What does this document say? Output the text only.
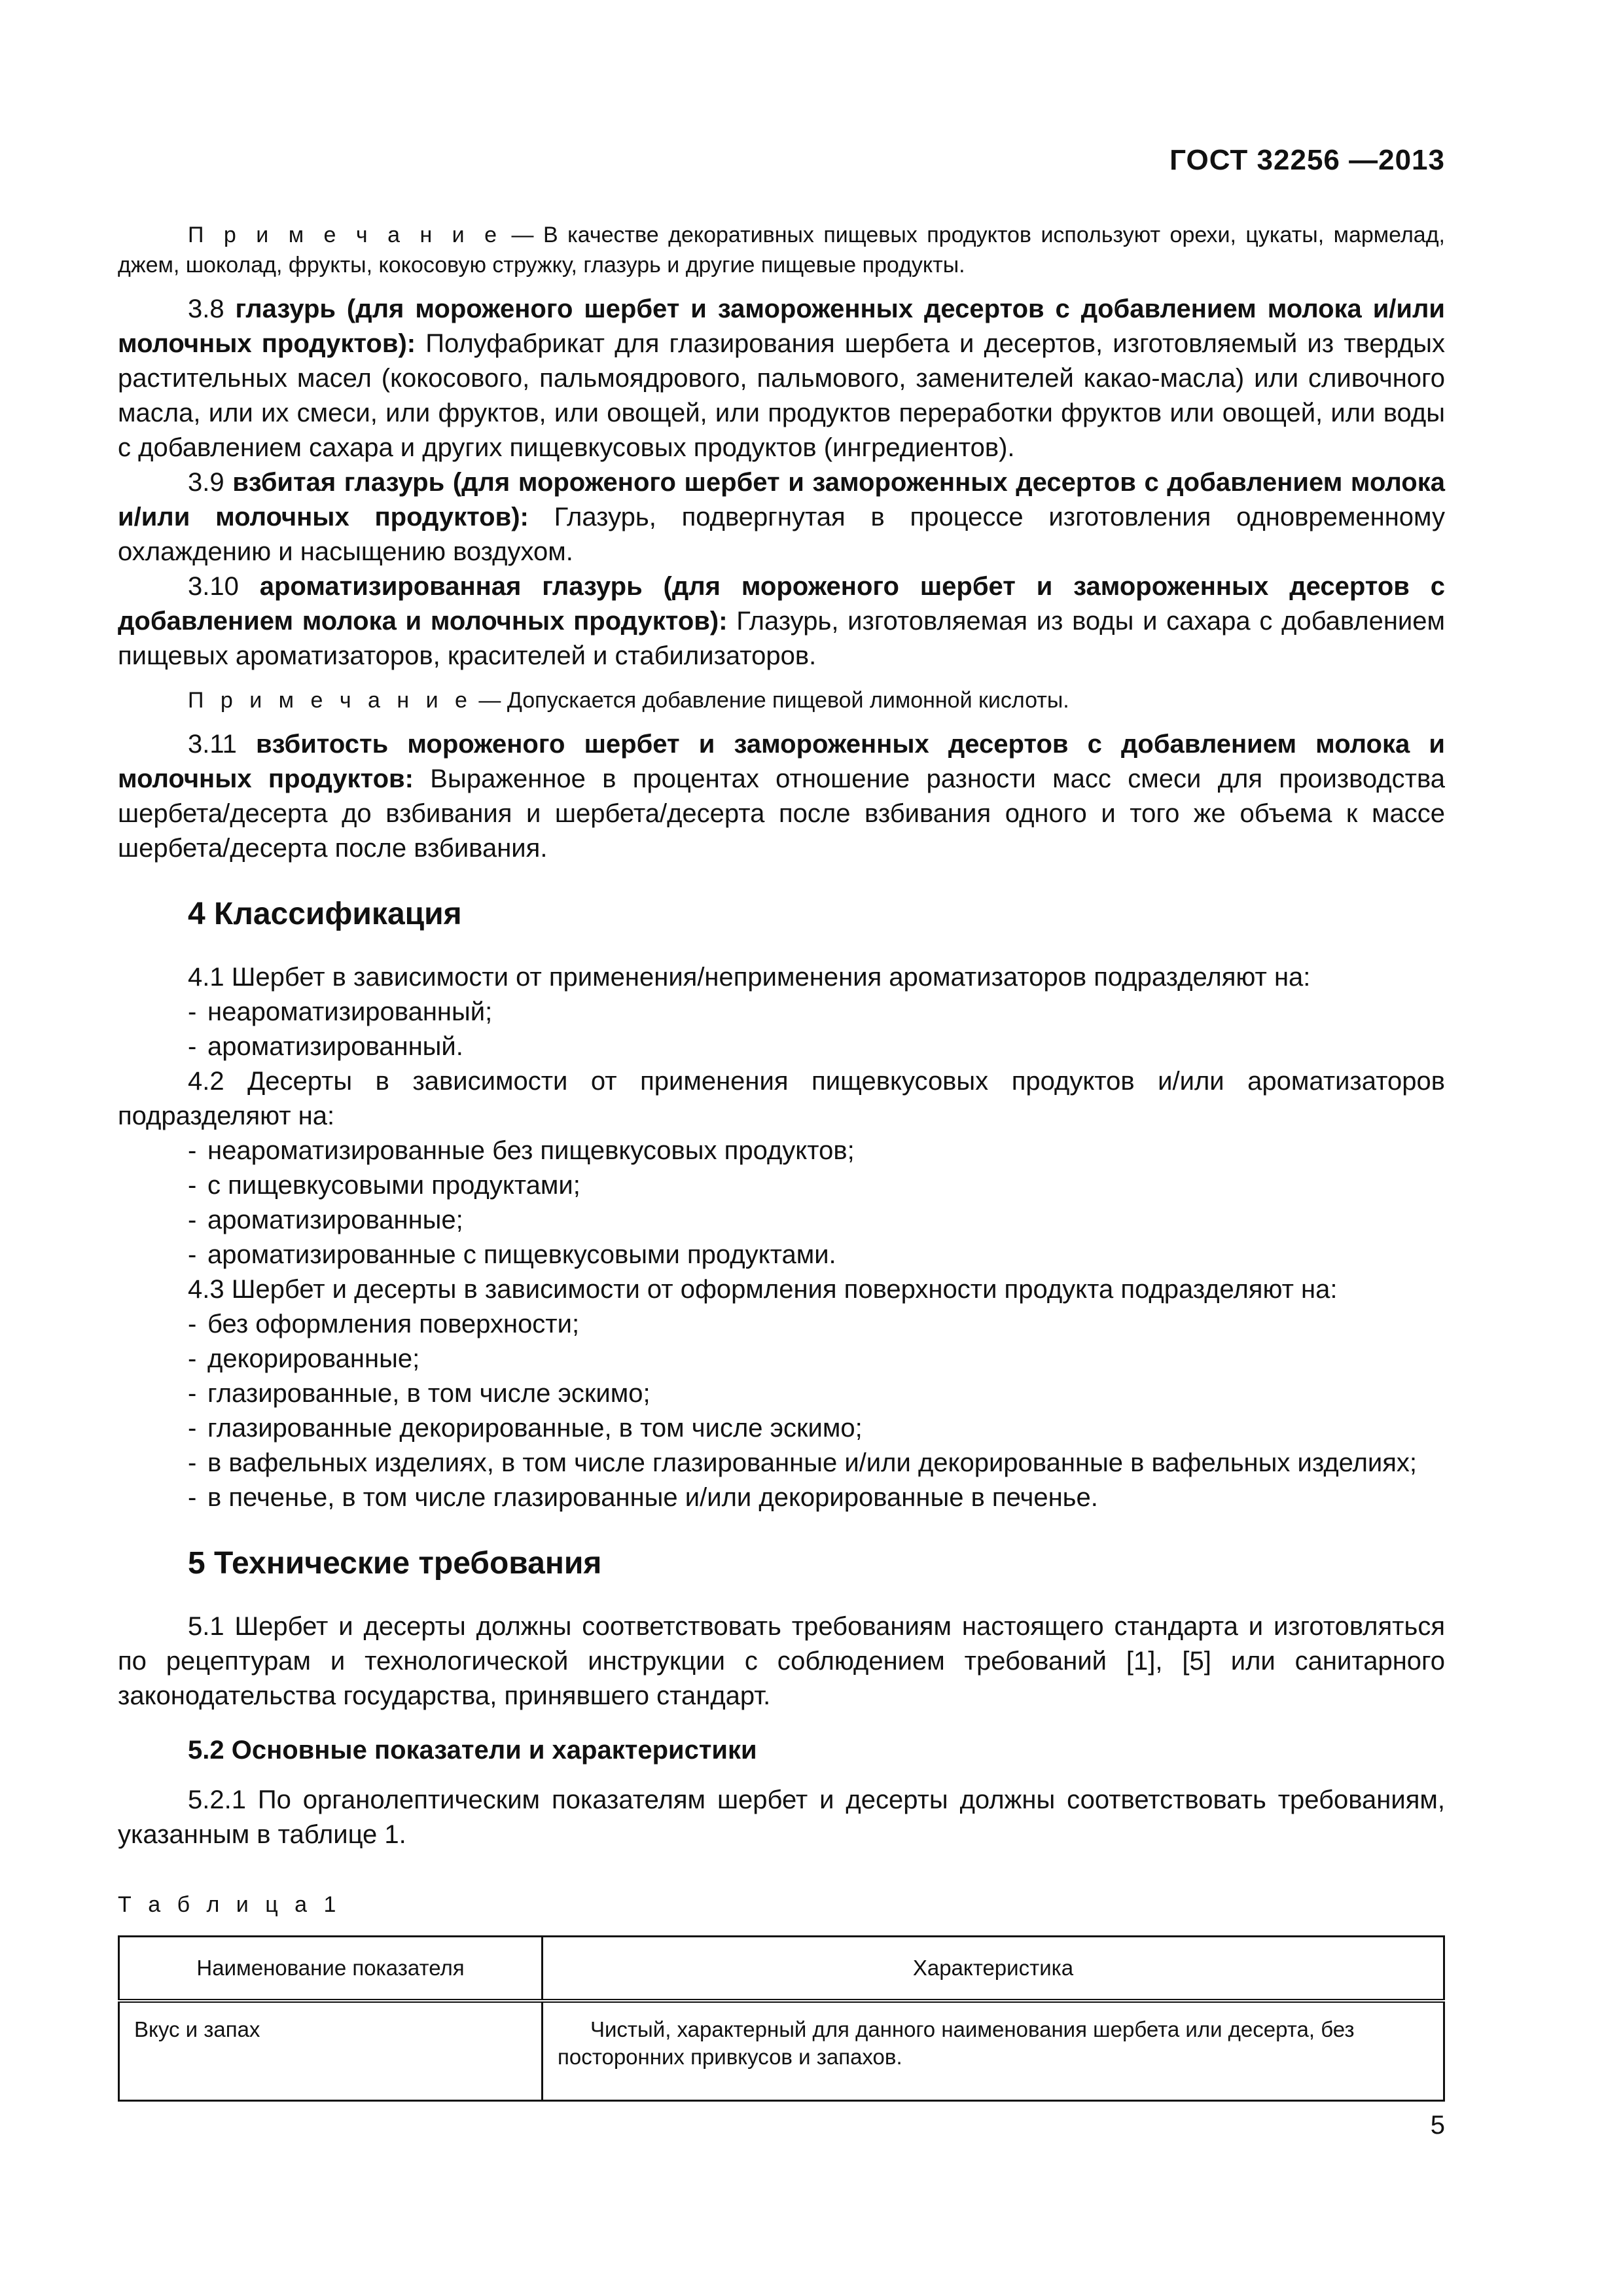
ГОСТ 32256 —2013

П р и м е ч а н и е — В качестве декоративных пищевых продуктов используют орехи, цукаты, мармелад, джем, шоколад, фрукты, кокосовую стружку, глазурь и другие пищевые продукты.

3.8 глазурь (для мороженого шербет и замороженных десертов с добавлением молока и/или молочных продуктов): Полуфабрикат для глазирования шербета и десертов, изготовляемый из твердых растительных масел (кокосового, пальмоядрового, пальмового, заменителей какао-масла) или сливочного масла, или их смеси, или фруктов, или овощей, или продуктов переработки фруктов или овощей, или воды с добавлением сахара и других пищевкусовых продуктов (ингредиентов).

3.9 взбитая глазурь (для мороженого шербет и замороженных десертов с добавлением молока и/или молочных продуктов): Глазурь, подвергнутая в процессе изготовления одновременному охлаждению и насыщению воздухом.

3.10 ароматизированная глазурь (для мороженого шербет и замороженных десертов с добавлением молока и молочных продуктов): Глазурь, изготовляемая из воды и сахара с добавлением пищевых ароматизаторов, красителей и стабилизаторов.

П р и м е ч а н и е — Допускается добавление пищевой лимонной кислоты.

3.11 взбитость мороженого шербет и замороженных десертов с добавлением молока и молочных продуктов: Выраженное в процентах отношение разности масс смеси для производства шербета/десерта до взбивания и шербета/десерта после взбивания одного и того же объема к массе шербета/десерта после взбивания.

4 Классификация

4.1 Шербет в зависимости от применения/неприменения ароматизаторов подразделяют на:

- неароматизированный;
- ароматизированный.

4.2 Десерты в зависимости от применения пищевкусовых продуктов и/или ароматизаторов подразделяют на:

- неароматизированные без пищевкусовых продуктов;
- с пищевкусовыми продуктами;
- ароматизированные;
- ароматизированные с пищевкусовыми продуктами.

4.3 Шербет и десерты в зависимости от оформления поверхности продукта подразделяют на:

- без оформления поверхности;
- декорированные;
- глазированные, в том числе эскимо;
- глазированные декорированные, в том числе эскимо;
- в вафельных изделиях, в том числе глазированные и/или декорированные в вафельных изделиях;
- в печенье, в том числе глазированные и/или декорированные в печенье.
5 Технические требования

5.1 Шербет и десерты должны соответствовать требованиям настоящего стандарта и изготовляться по рецептурам и технологической инструкции с соблюдением требований [1], [5] или санитарного законодательства государства, принявшего стандарт.

5.2 Основные показатели и характеристики

5.2.1 По органолептическим показателям шербет и десерты должны соответствовать требованиям, указанным в таблице 1.

Т а б л и ц а 1
Наименование показателя	Характеристика
Вкус и запах	Чистый, характерный для данного наименования шербета или десерта, без посторонних привкусов и запахов.
5
